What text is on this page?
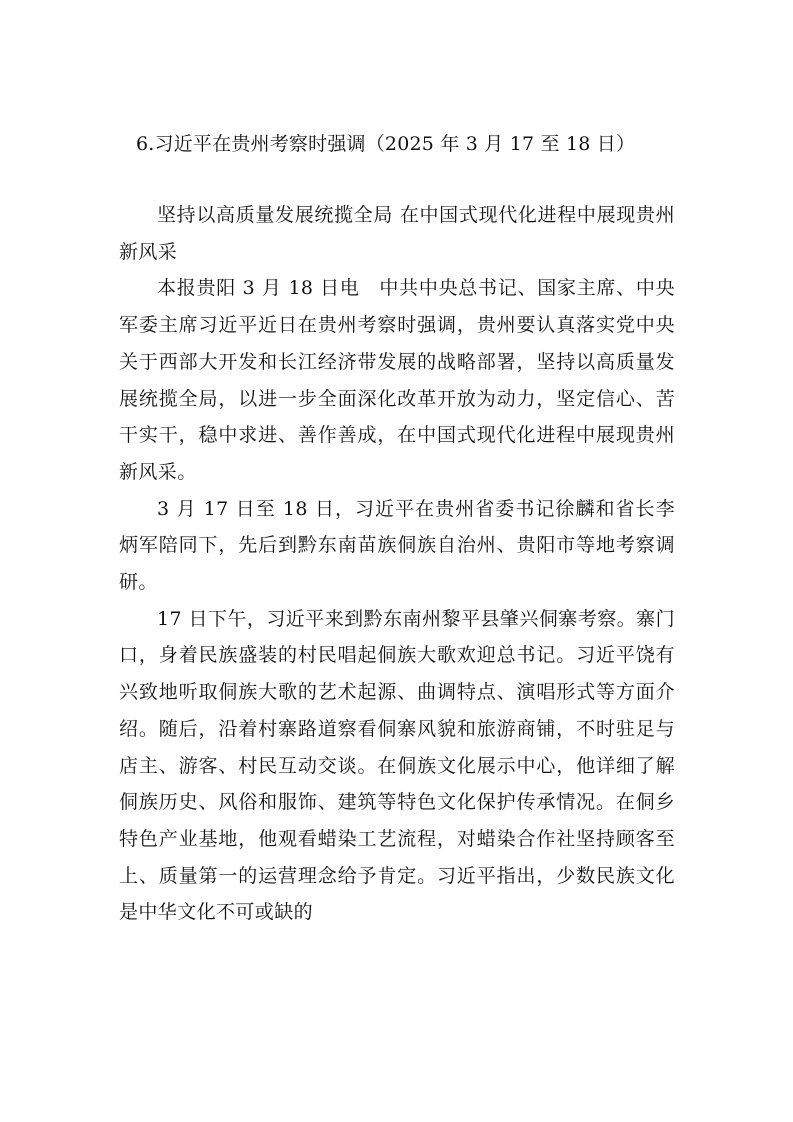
6.习近平在贵州考察时强调（2025 年 3 月 17 至 18 日）

坚持以高质量发展统揽全局 在中国式现代化进程中展现贵州新风采

本报贵阳 3 月 18 日电　中共中央总书记、国家主席、中央军委主席习近平近日在贵州考察时强调，贵州要认真落实党中央关于西部大开发和长江经济带发展的战略部署，坚持以高质量发展统揽全局，以进一步全面深化改革开放为动力，坚定信心、苦干实干，稳中求进、善作善成，在中国式现代化进程中展现贵州新风采。

3 月 17 日至 18 日，习近平在贵州省委书记徐麟和省长李炳军陪同下，先后到黔东南苗族侗族自治州、贵阳市等地考察调研。

17 日下午，习近平来到黔东南州黎平县肇兴侗寨考察。寨门口，身着民族盛装的村民唱起侗族大歌欢迎总书记。习近平饶有兴致地听取侗族大歌的艺术起源、曲调特点、演唱形式等方面介绍。随后，沿着村寨路道察看侗寨风貌和旅游商铺，不时驻足与店主、游客、村民互动交谈。在侗族文化展示中心，他详细了解侗族历史、风俗和服饰、建筑等特色文化保护传承情况。在侗乡特色产业基地，他观看蜡染工艺流程，对蜡染合作社坚持顾客至上、质量第一的运营理念给予肯定。习近平指出，少数民族文化是中华文化不可或缺的
